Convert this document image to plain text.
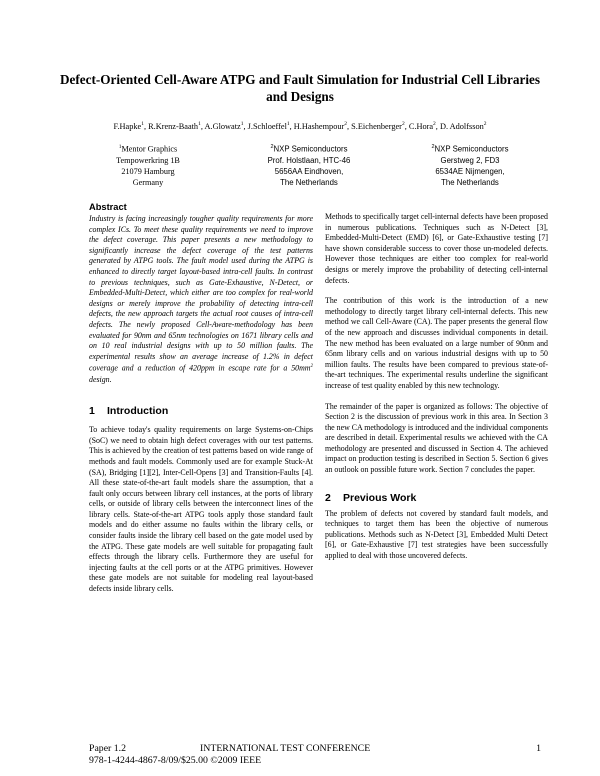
Defect-Oriented Cell-Aware ATPG and Fault Simulation for Industrial Cell Libraries and Designs
F.Hapke$^1$, R.Krenz-Baath$^1$, A.Glowatz$^1$, J.Schloeffel$^1$, H.Hashempour$^2$, S.Eichenberger$^2$, C.Hora$^2$, D. Adolfsson$^2$
$^1$Mentor Graphics
Tempowerkring 1B
21079 Hamburg
Germany
$^2$NXP Semiconductors
Prof. Holstlaan, HTC-46
5656AA Eindhoven,
The Netherlands
$^2$NXP Semiconductors
Gerstweg 2, FD3
6534AE Nijmengen,
The Netherlands
Abstract

Industry is facing increasingly tougher quality requirements for more complex ICs. To meet these quality requirements we need to improve the defect coverage. This paper presents a new methodology to significantly increase the defect coverage of the test patterns generated by ATPG tools. The fault model used during the ATPG is enhanced to directly target layout-based intra-cell faults. In contrast to previous techniques, such as Gate-Exhaustive, N-Detect, or Embedded-Multi-Detect, which either are too complex for real-world designs or merely improve the probability of detecting intra-cell defects, the new approach targets the actual root causes of intra-cell defects. The newly proposed Cell-Aware-methodology has been evaluated for 90nm and 65nm technologies on 1671 library cells and on 10 real industrial designs with up to 50 million faults. The experimental results show an average increase of 1.2% in defect coverage and a reduction of 420ppm in escape rate for a $50mm^2$ design.

1 Introduction

To achieve today's quality requirements on large Systems-on-Chips (SoC) we need to obtain high defect coverages with our test patterns. This is achieved by the creation of test patterns based on wide range of methods and fault models. Commonly used are for example Stuck-At (SA), Bridging [1][2], Inter-Cell-Opens [3] and Transition-Faults [4]. All these state-of-the-art fault models share the assumption, that a fault only occurs between library cell instances, at the ports of library cells, or outside of library cells between the interconnect lines of the library cells. State-of-the-art ATPG tools apply those standard fault models and do either assume no faults within the library cells, or consider faults inside the library cell based on the gate model used by the ATPG. These gate models are well suitable for propagating fault effects through the library cells. Furthermore they are useful for injecting faults at the cell ports or at the ATPG primitives. However these gate models are not suitable for modeling real layout-based defects inside library cells.

Methods to specifically target cell-internal defects have been proposed in numerous publications. Techniques such as N-Detect [3], Embedded-Multi-Detect (EMD) [6], or Gate-Exhaustive testing [7] have shown considerable success to cover those un-modeled defects. However those techniques are either too complex for real-world designs or merely improve the probability of detecting cell-internal defects.

The contribution of this work is the introduction of a new methodology to directly target library cell-internal defects. This new method we call Cell-Aware (CA). The paper presents the general flow of the new approach and discusses individual components in detail. The new method has been evaluated on a large number of 90nm and 65nm library cells and on various industrial designs with up to 50 million faults. The results have been compared to previous state-of-the-art techniques. The experimental results underline the significant increase of test quality enabled by this new technology.

The remainder of the paper is organized as follows: The objective of Section 2 is the discussion of previous work in this area. In Section 3 the new CA methodology is introduced and the individual components are described in detail. Experimental results we achieved with the CA methodology are presented and discussed in Section 4. The achieved impact on production testing is described in Section 5. Section 6 gives an outlook on possible future work. Section 7 concludes the paper.

2 Previous Work

The problem of defects not covered by standard fault models, and techniques to target them has been the objective of numerous publications. Methods such as N-Detect [3], Embedded Multi Detect [6], or Gate-Exhaustive [7] test strategies have been successfully applied to deal with those uncovered defects.

Paper 1.2	INTERNATIONAL TEST CONFERENCE	1
978-1-4244-4867-8/09/$25.00 ©2009 IEEE
